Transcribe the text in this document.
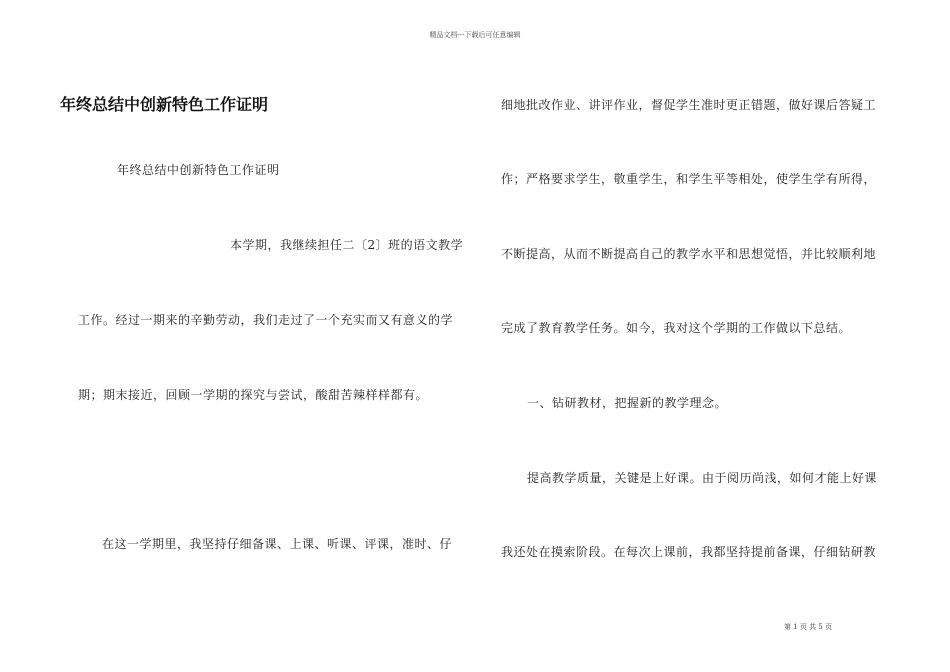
精品文档---下载后可任意编辑
年终总结中创新特色工作证明
年终总结中创新特色工作证明
本学期，我继续担任二〔2〕班的语文教学
工作。经过一期来的辛勤劳动，我们走过了一个充实而又有意义的学
期；期末接近，回顾一学期的探究与尝试，酸甜苦辣样样都有。
在这一学期里，我坚持仔细备课、上课、听课、评课，准时、仔
细地批改作业、讲评作业，督促学生准时更正错题，做好课后答疑工
作；严格要求学生，敬重学生，和学生平等相处，使学生学有所得，
不断提高，从而不断提高自己的教学水平和思想觉悟，并比较顺利地
完成了教育教学任务。如今，我对这个学期的工作做以下总结。
一、钻研教材，把握新的教学理念。
提高教学质量，关键是上好课。由于阅历尚浅，如何才能上好课
我还处在摸索阶段。在每次上课前，我都坚持提前备课，仔细钻研教
第 1 页 共 5 页
